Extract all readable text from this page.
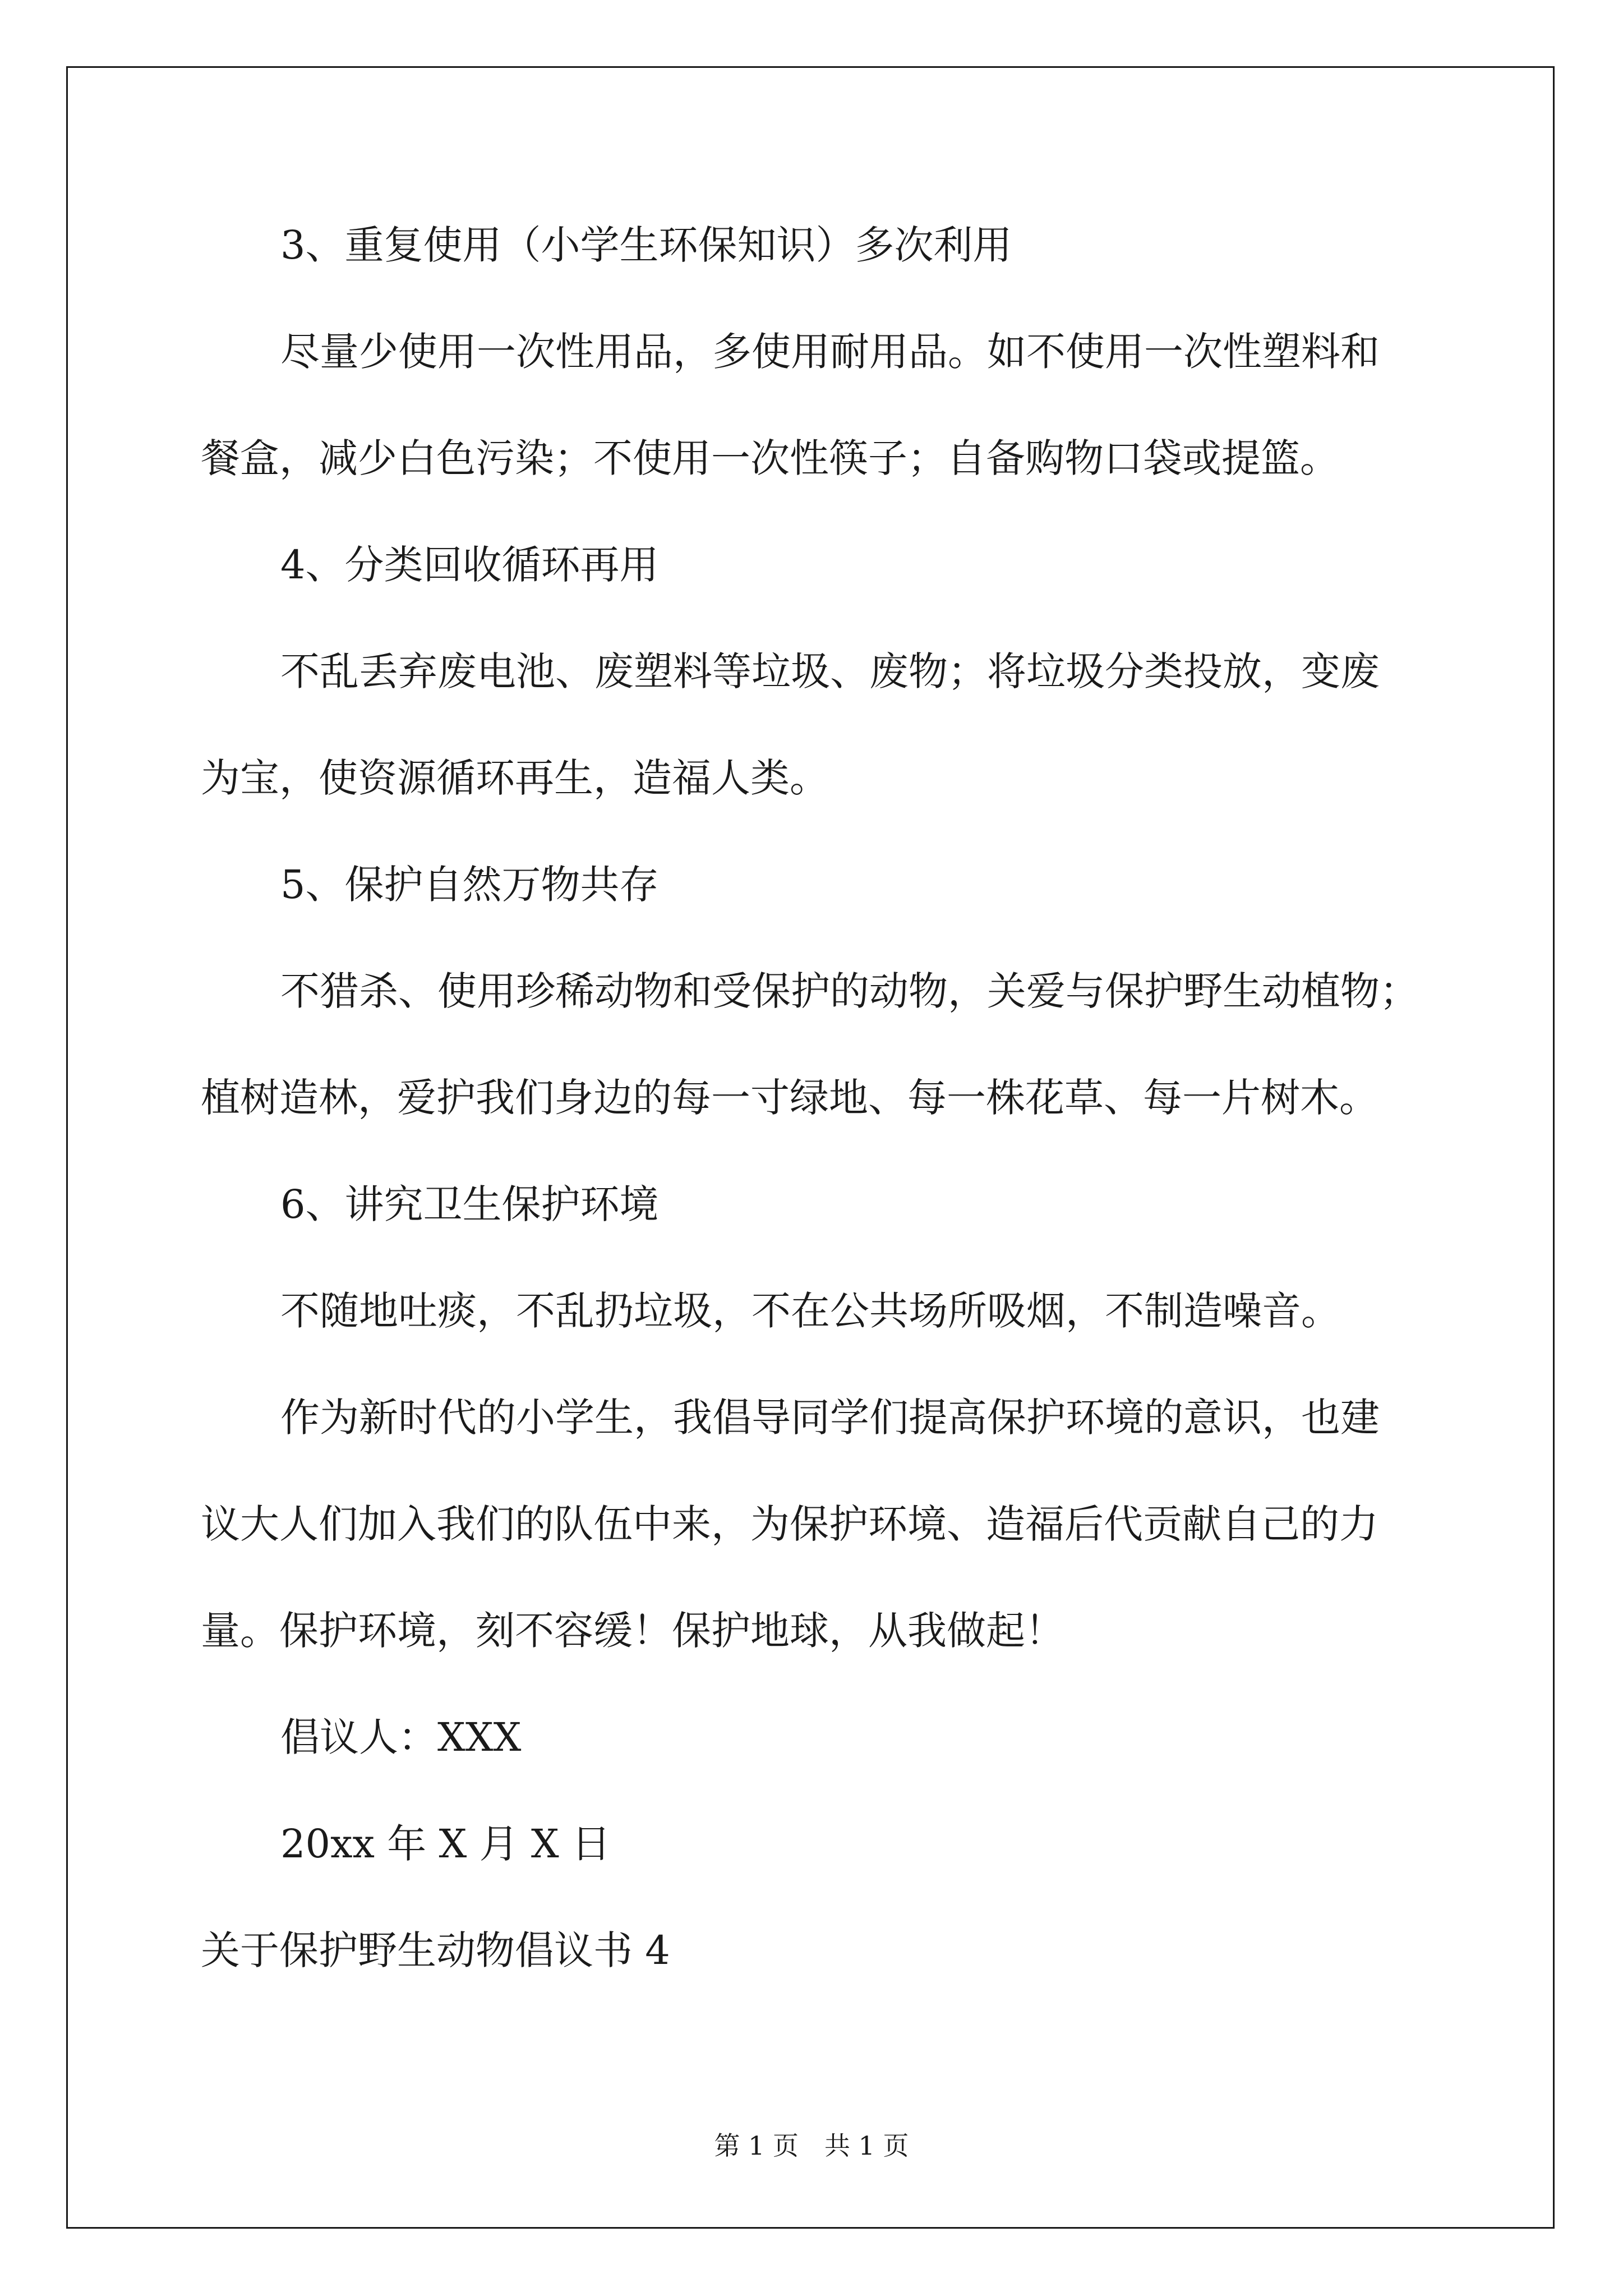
3、重复使用（小学生环保知识）多次利用
尽量少使用一次性用品，多使用耐用品。如不使用一次性塑料和
餐盒，减少白色污染；不使用一次性筷子；自备购物口袋或提篮。
4、分类回收循环再用
不乱丢弃废电池、废塑料等垃圾、废物；将垃圾分类投放，变废
为宝，使资源循环再生，造福人类。
5、保护自然万物共存
不猎杀、使用珍稀动物和受保护的动物，关爱与保护野生动植物；
植树造林，爱护我们身边的每一寸绿地、每一株花草、每一片树木。
6、讲究卫生保护环境
不随地吐痰，不乱扔垃圾，不在公共场所吸烟，不制造噪音。
作为新时代的小学生，我倡导同学们提高保护环境的意识，也建
议大人们加入我们的队伍中来，为保护环境、造福后代贡献自己的力
量。保护环境，刻不容缓！保护地球，从我做起！
倡议人：XXX
20xx 年 X 月 X 日
关于保护野生动物倡议书 4
第 1 页　共 1 页
